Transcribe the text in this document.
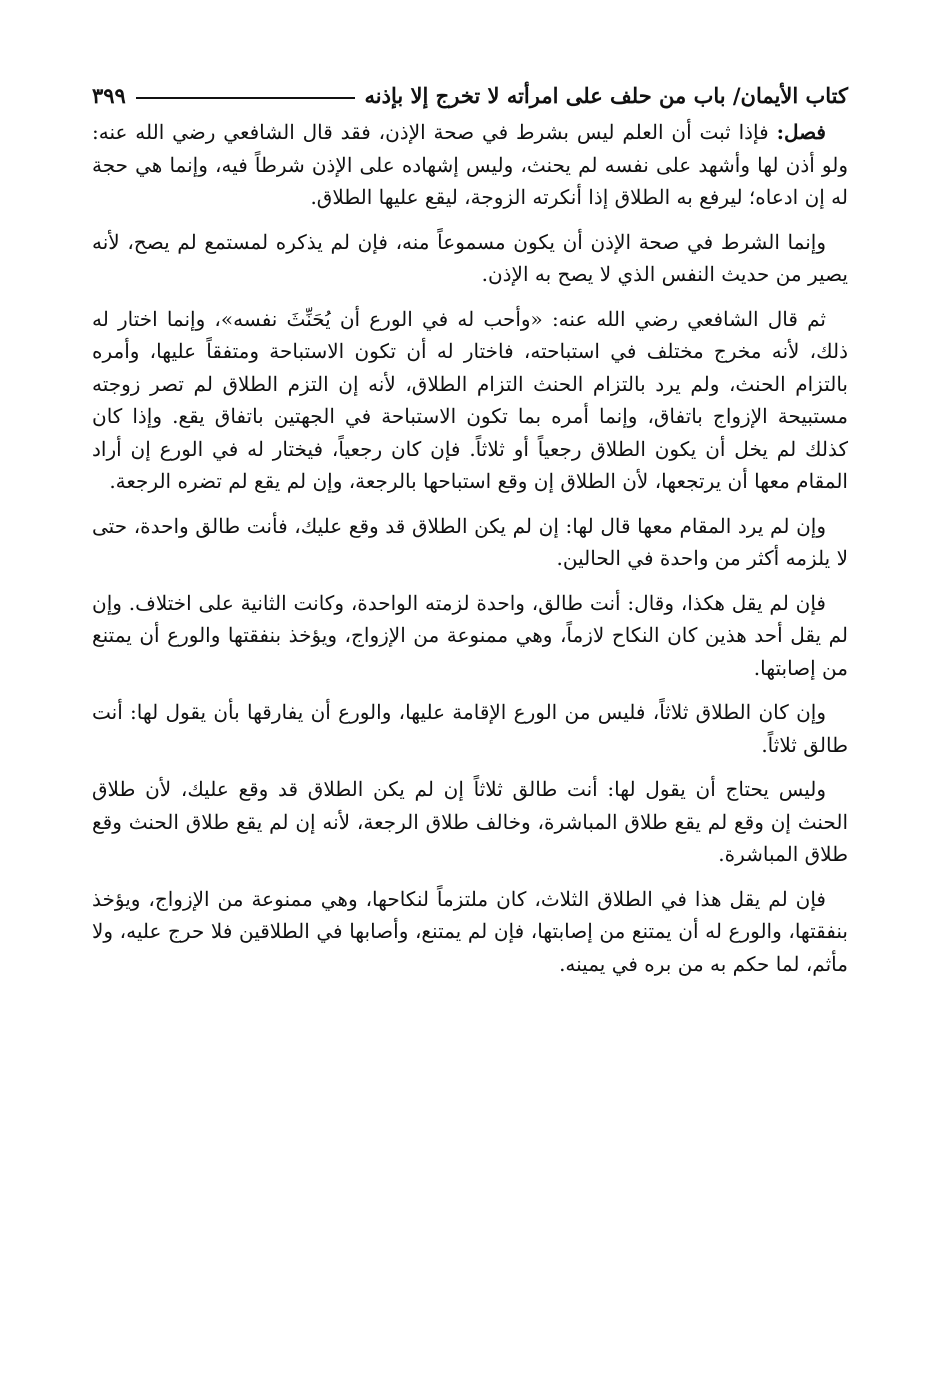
كتاب الأيمان/ باب من حلف على امرأته لا تخرج إلا بإذنه
٣٩٩

فصل: فإذا ثبت أن العلم ليس بشرط في صحة الإذن، فقد قال الشافعي رضي الله عنه: ولو أذن لها وأشهد على نفسه لم يحنث، وليس إشهاده على الإذن شرطاً فيه، وإنما هي حجة له إن ادعاه؛ ليرفع به الطلاق إذا أنكرته الزوجة، ليقع عليها الطلاق.

وإنما الشرط في صحة الإذن أن يكون مسموعاً منه، فإن لم يذكره لمستمع لم يصح، لأنه يصير من حديث النفس الذي لا يصح به الإذن.

ثم قال الشافعي رضي الله عنه: «وأحب له في الورع أن يُحَنِّثَ نفسه»، وإنما اختار له ذلك، لأنه مخرج مختلف في استباحته، فاختار له أن تكون الاستباحة ومتفقاً عليها، وأمره بالتزام الحنث، ولم يرد بالتزام الحنث التزام الطلاق، لأنه إن التزم الطلاق لم تصر زوجته مستبيحة الإزواج باتفاق، وإنما أمره بما تكون الاستباحة في الجهتين باتفاق يقع. وإذا كان كذلك لم يخل أن يكون الطلاق رجعياً أو ثلاثاً. فإن كان رجعياً، فيختار له في الورع إن أراد المقام معها أن يرتجعها، لأن الطلاق إن وقع استباحها بالرجعة، وإن لم يقع لم تضره الرجعة.

وإن لم يرد المقام معها قال لها: إن لم يكن الطلاق قد وقع عليك، فأنت طالق واحدة، حتى لا يلزمه أكثر من واحدة في الحالين.

فإن لم يقل هكذا، وقال: أنت طالق، واحدة لزمته الواحدة، وكانت الثانية على اختلاف. وإن لم يقل أحد هذين كان النكاح لازماً، وهي ممنوعة من الإزواج، ويؤخذ بنفقتها والورع أن يمتنع من إصابتها.

وإن كان الطلاق ثلاثاً، فليس من الورع الإقامة عليها، والورع أن يفارقها بأن يقول لها: أنت طالق ثلاثاً.

وليس يحتاج أن يقول لها: أنت طالق ثلاثاً إن لم يكن الطلاق قد وقع عليك، لأن طلاق الحنث إن وقع لم يقع طلاق المباشرة، وخالف طلاق الرجعة، لأنه إن لم يقع طلاق الحنث وقع طلاق المباشرة.

فإن لم يقل هذا في الطلاق الثلاث، كان ملتزماً لنكاحها، وهي ممنوعة من الإزواج، ويؤخذ بنفقتها، والورع له أن يمتنع من إصابتها، فإن لم يمتنع، وأصابها في الطلاقين فلا حرج عليه، ولا مأثم، لما حكم به من بره في يمينه.
